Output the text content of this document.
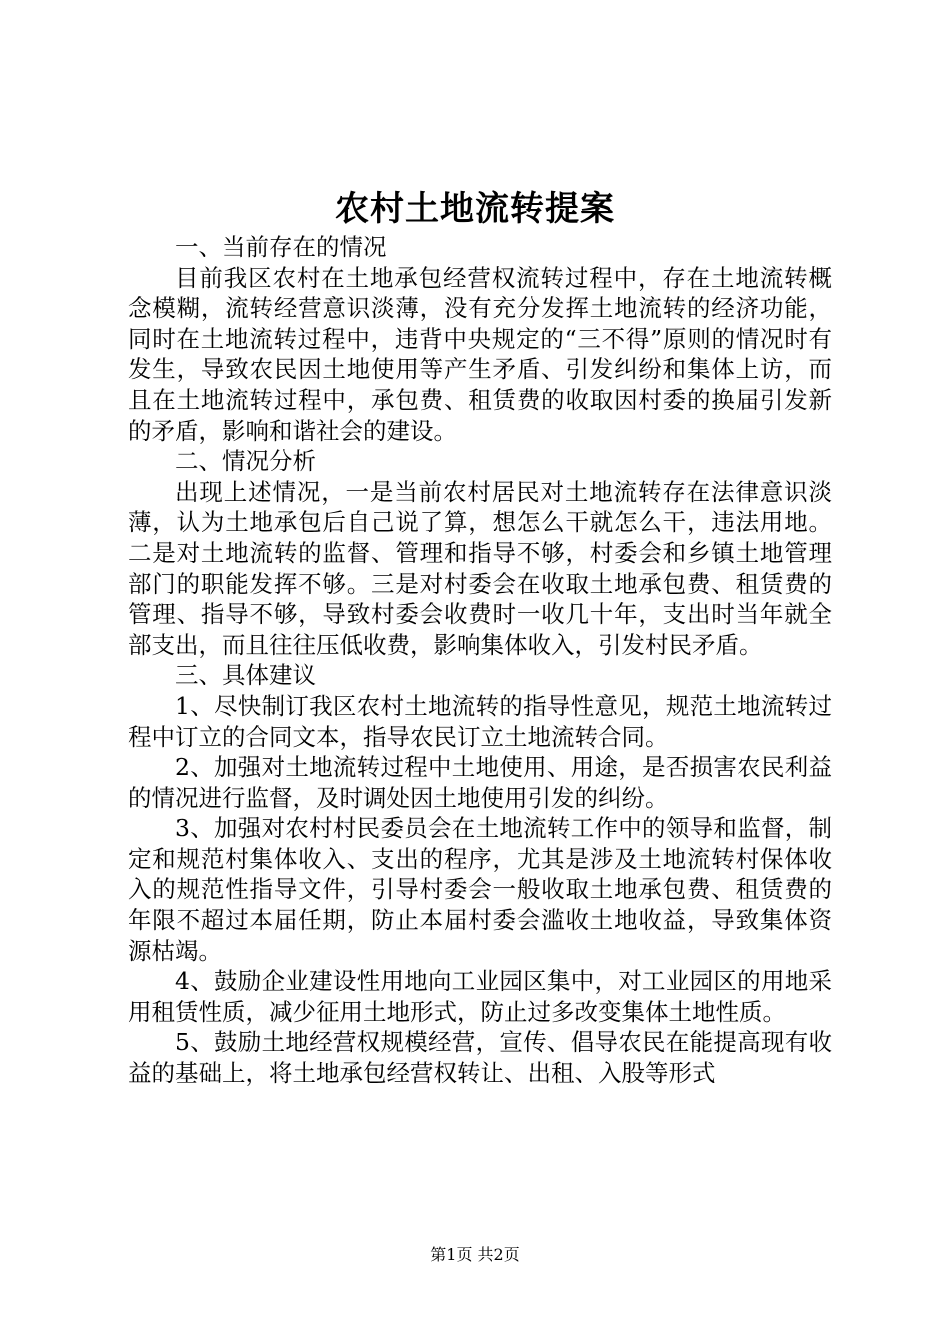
农村土地流转提案

一、当前存在的情况

目前我区农村在土地承包经营权流转过程中，存在土地流转概念模糊，流转经营意识淡薄，没有充分发挥土地流转的经济功能，同时在土地流转过程中，违背中央规定的“三不得”原则的情况时有发生，导致农民因土地使用等产生矛盾、引发纠纷和集体上访，而且在土地流转过程中，承包费、租赁费的收取因村委的换届引发新的矛盾，影响和谐社会的建设。

二、情况分析

出现上述情况，一是当前农村居民对土地流转存在法律意识淡薄，认为土地承包后自己说了算，想怎么干就怎么干，违法用地。二是对土地流转的监督、管理和指导不够，村委会和乡镇土地管理部门的职能发挥不够。三是对村委会在收取土地承包费、租赁费的管理、指导不够，导致村委会收费时一收几十年，支出时当年就全部支出，而且往往压低收费，影响集体收入，引发村民矛盾。

三、具体建议

1、尽快制订我区农村土地流转的指导性意见，规范土地流转过程中订立的合同文本，指导农民订立土地流转合同。

2、加强对土地流转过程中土地使用、用途，是否损害农民利益的情况进行监督，及时调处因土地使用引发的纠纷。

3、加强对农村村民委员会在土地流转工作中的领导和监督，制定和规范村集体收入、支出的程序，尤其是涉及土地流转村保体收入的规范性指导文件，引导村委会一般收取土地承包费、租赁费的年限不超过本届任期，防止本届村委会滥收土地收益，导致集体资源枯竭。

4、鼓励企业建设性用地向工业园区集中，对工业园区的用地采用租赁性质，减少征用土地形式，防止过多改变集体土地性质。

5、鼓励土地经营权规模经营，宣传、倡导农民在能提高现有收益的基础上，将土地承包经营权转让、出租、入股等形式

第1页 共2页
